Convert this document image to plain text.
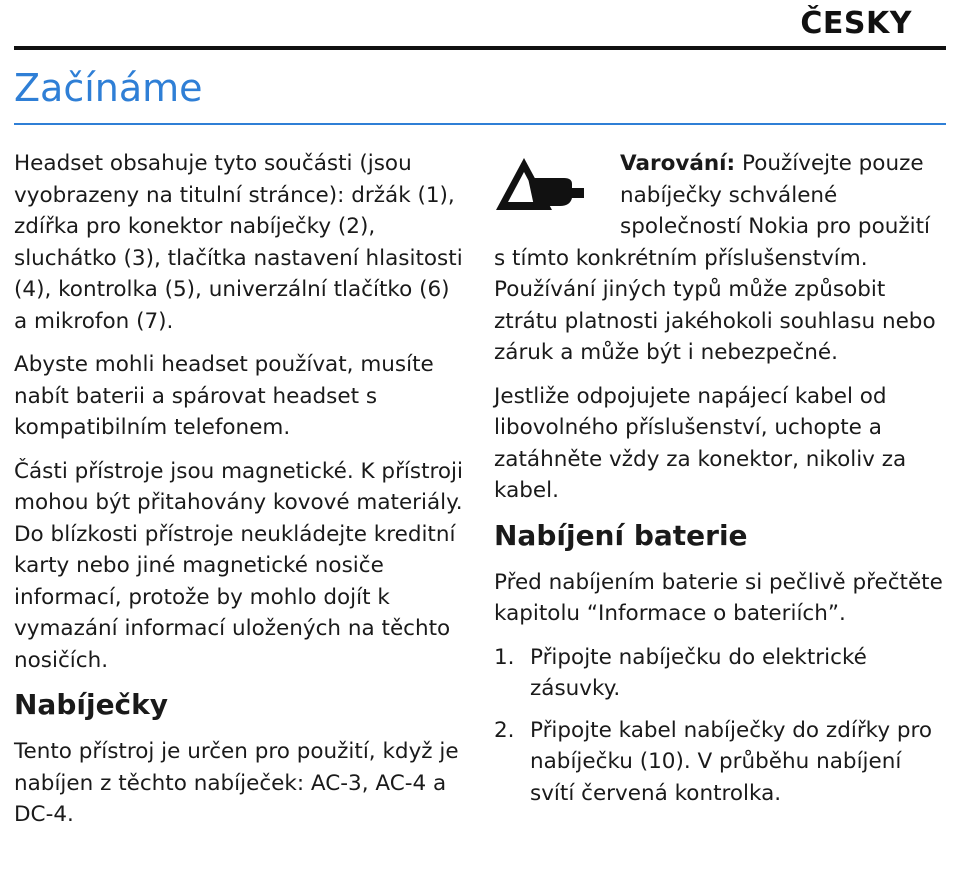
ČESKY
Začínáme

Headset obsahuje tyto součásti (jsou vyobrazeny na titulní stránce): držák (1), zdířka pro konektor nabíječky (2), sluchátko (3), tlačítka nastavení hlasitosti (4), kontrolka (5), univerzální tlačítko (6) a mikrofon (7).

Abyste mohli headset používat, musíte nabít baterii a spárovat headset s kompatibilním telefonem.

Části přístroje jsou magnetické. K přístroji mohou být přitahovány kovové materiály. Do blízkosti přístroje neukládejte kreditní karty nebo jiné magnetické nosiče informací, protože by mohlo dojít k vymazání informací uložených na těchto nosičích.

Nabíječky

Tento přístroj je určen pro použití, když je nabíjen z těchto nabíječek: AC-3, AC-4 a DC-4.

Varování: Používejte pouze nabíječky schválené společností Nokia pro použití

s tímto konkrétním příslušenstvím. Používání jiných typů může způsobit ztrátu platnosti jakéhokoli souhlasu nebo záruk a může být i nebezpečné.

Jestliže odpojujete napájecí kabel od libovolného příslušenství, uchopte a zatáhněte vždy za konektor, nikoliv za kabel.

Nabíjení baterie

Před nabíjením baterie si pečlivě přečtěte kapitolu “Informace o bateriích”.

1. Připojte nabíječku do elektrické zásuvky.
2. Připojte kabel nabíječky do zdířky pro nabíječku (10). V průběhu nabíjení svítí červená kontrolka.
